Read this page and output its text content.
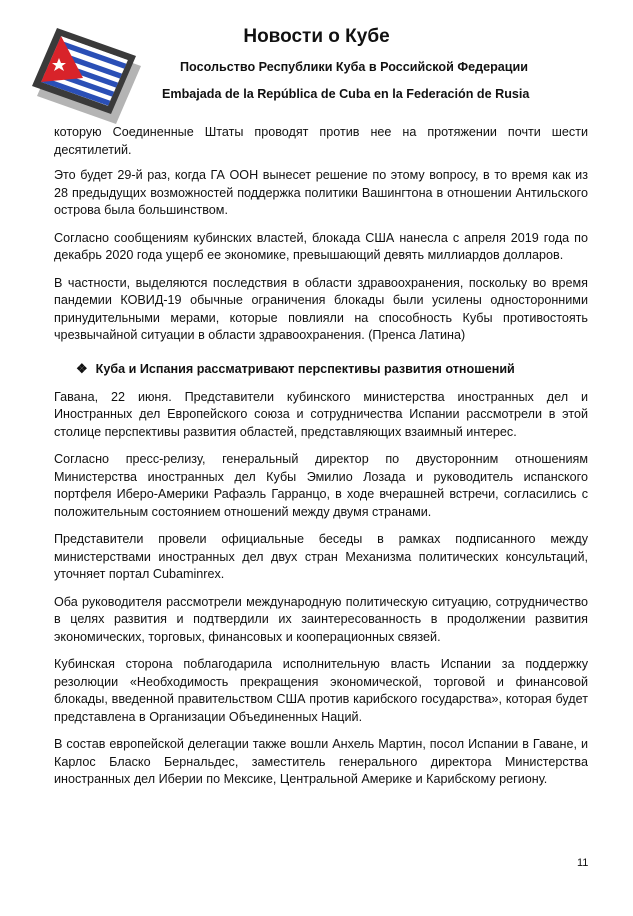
Новости о Кубе

Посольство Республики Куба в Российской Федерации

Embajada de la República de Cuba en la Federación de Rusia

которую Соединенные Штаты проводят против нее на протяжении почти шести десятилетий.

Это будет 29-й раз, когда ГА ООН вынесет решение по этому вопросу, в то время как из 28 предыдущих возможностей поддержка политики Вашингтона в отношении Антильского острова была большинством.

Согласно сообщениям кубинских властей, блокада США нанесла с апреля 2019 года по декабрь 2020 года ущерб ее экономике, превышающий девять миллиардов долларов.

В частности, выделяются последствия в области здравоохранения, поскольку во время пандемии КОВИД-19 обычные ограничения блокады были усилены односторонними принудительными мерами, которые повлияли на способность Кубы противостоять чрезвычайной ситуации в области здравоохранения. (Пренса Латина)

❖ Куба и Испания рассматривают перспективы развития отношений

Гавана, 22 июня. Представители кубинского министерства иностранных дел и Иностранных дел Европейского союза и сотрудничества Испании рассмотрели в этой столице перспективы развития областей, представляющих взаимный интерес.

Согласно пресс-релизу, генеральный директор по двусторонним отношениям Министерства иностранных дел Кубы Эмилио Лозада и руководитель испанского портфеля Иберо-Америки Рафаэль Гарранцо, в ходе вчерашней встречи, согласились с положительным состоянием отношений между двумя странами.

Представители провели официальные беседы в рамках подписанного между министерствами иностранных дел двух стран Механизма политических консультаций, уточняет портал Cubaminrex.

Оба руководителя рассмотрели международную политическую ситуацию, сотрудничество в целях развития и подтвердили их заинтересованность в продолжении развития экономических, торговых, финансовых и кооперационных связей.

Кубинская сторона поблагодарила исполнительную власть Испании за поддержку резолюции «Необходимость прекращения экономической, торговой и финансовой блокады, введенной правительством США против карибского государства», которая будет представлена в Организации Объединенных Наций.

В состав европейской делегации также вошли Анхель Мартин, посол Испании в Гаване, и Карлос Бласко Бернальдес, заместитель генерального директора Министерства иностранных дел Иберии по Мексике, Центральной Америке и Карибскому региону.

11
